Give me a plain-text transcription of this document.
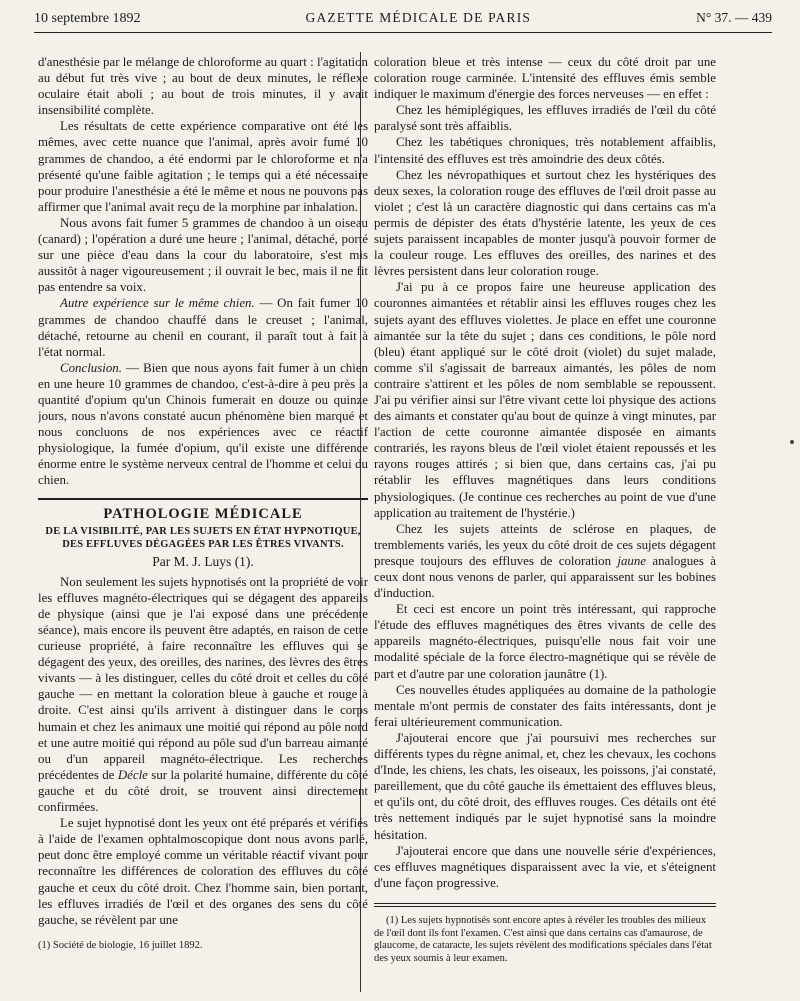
10 septembre 1892	GAZETTE MÉDICALE DE PARIS	N° 37. — 439

d'anesthésie par le mélange de chloroforme au quart : l'agitation au début fut très vive ; au bout de deux minutes, le réflexe oculaire était aboli ; au bout de trois minutes, il y avait insensibilité complète.

Les résultats de cette expérience comparative ont été les mêmes, avec cette nuance que l'animal, après avoir fumé 10 grammes de chandoo, a été endormi par le chloroforme et n'a présenté qu'une faible agitation ; le temps qui a été nécessaire pour produire l'anesthésie a été le même et nous ne pouvons pas affirmer que l'animal avait reçu de la morphine par inhalation.

Nous avons fait fumer 5 grammes de chandoo à un oiseau (canard) ; l'opération a duré une heure ; l'animal, détaché, porté sur une pièce d'eau dans la cour du laboratoire, s'est mis aussitôt à nager vigoureusement ; il ouvrait le bec, mais il ne fit pas entendre sa voix.

Autre expérience sur le même chien. — On fait fumer 10 grammes de chandoo chauffé dans le creuset ; l'animal, détaché, retourne au chenil en courant, il paraît tout à fait à l'état normal.

Conclusion. — Bien que nous ayons fait fumer à un chien en une heure 10 grammes de chandoo, c'est-à-dire à peu près la quantité d'opium qu'un Chinois fumerait en douze ou quinze jours, nous n'avons constaté aucun phénomène bien marqué et nous concluons de nos expériences avec ce réactif physiologique, la fumée d'opium, qu'il existe une différence énorme entre le système nerveux central de l'homme et celui du chien.

PATHOLOGIE MÉDICALE
DE LA VISIBILITÉ, PAR LES SUJETS EN ÉTAT HYPNOTIQUE, DES EFFLUVES DÉGAGÉES PAR LES ÊTRES VIVANTS.
Par M. J. Luys (1).

Non seulement les sujets hypnotisés ont la propriété de voir les effluves magnéto-électriques qui se dégagent des appareils de physique (ainsi que je l'ai exposé dans une précédente séance), mais encore ils peuvent être adaptés, en raison de cette curieuse propriété, à faire reconnaître les effluves qui se dégagent des yeux, des oreilles, des narines, des lèvres des êtres vivants — à les distinguer, celles du côté droit et celles du côté gauche — en mettant la coloration bleue à gauche et rouge à droite. C'est ainsi qu'ils arrivent à distinguer dans le corps humain et chez les animaux une moitié qui répond au pôle nord et une autre moitié qui répond au pôle sud d'un barreau aimanté ou d'un appareil magnéto-électrique. Les recherches précédentes de Décle sur la polarité humaine, différente du côté gauche et du côté droit, se trouvent ainsi directement confirmées.

Le sujet hypnotisé dont les yeux ont été préparés et vérifiés à l'aide de l'examen ophtalmoscopique dont nous avons parlé, peut donc être employé comme un véritable réactif vivant pour reconnaître les différences de coloration des effluves du côté gauche et ceux du côté droit. Chez l'homme sain, bien portant, les effluves irradiés de l'œil et des organes des sens du côté gauche, se révèlent par une

(1) Société de biologie, 16 juillet 1892.

coloration bleue et très intense — ceux du côté droit par une coloration rouge carminée. L'intensité des effluves émis semble indiquer le maximum d'énergie des forces nerveuses — en effet :

Chez les hémiplégiques, les effluves irradiés de l'œil du côté paralysé sont très affaiblis.

Chez les tabétiques chroniques, très notablement affaiblis, l'intensité des effluves est très amoindrie des deux côtés.

Chez les névropathiques et surtout chez les hystériques des deux sexes, la coloration rouge des effluves de l'œil droit passe au violet ; c'est là un caractère diagnostic qui dans certains cas m'a permis de dépister des états d'hystérie latente, les yeux de ces sujets paraissent incapables de monter jusqu'à pouvoir former de la couleur rouge. Les effluves des oreilles, des narines et des lèvres persistent dans leur coloration rouge.

J'ai pu à ce propos faire une heureuse application des couronnes aimantées et rétablir ainsi les effluves rouges chez les sujets ayant des effluves violettes. Je place en effet une couronne aimantée sur la tête du sujet ; dans ces conditions, le pôle nord (bleu) étant appliqué sur le côté droit (violet) du sujet malade, comme s'il s'agissait de barreaux aimantés, les pôles de nom contraire s'attirent et les pôles de nom semblable se repoussent. J'ai pu vérifier ainsi sur l'être vivant cette loi physique des actions des aimants et constater qu'au bout de quinze à vingt minutes, par l'action de cette couronne aimantée disposée en aimants contrariés, les rayons bleus de l'œil violet étaient repoussés et les rayons rouges attirés ; si bien que, dans certains cas, j'ai pu rétablir les effluves magnétiques dans leurs conditions physiologiques. (Je continue ces recherches au point de vue d'une application au traitement de l'hystérie.)

Chez les sujets atteints de sclérose en plaques, de tremblements variés, les yeux du côté droit de ces sujets dégagent presque toujours des effluves de coloration jaune analogues à ceux dont nous venons de parler, qui apparaissent sur les bobines d'induction.

Et ceci est encore un point très intéressant, qui rapproche l'étude des effluves magnétiques des êtres vivants de celle des appareils magnéto-électriques, puisqu'elle nous fait voir une modalité spéciale de la force électro-magnétique qui se révèle de part et d'autre par une coloration jaunâtre (1).

Ces nouvelles études appliquées au domaine de la pathologie mentale m'ont permis de constater des faits intéressants, dont je ferai ultérieurement communication.

J'ajouterai encore que j'ai poursuivi mes recherches sur différents types du règne animal, et, chez les chevaux, les cochons d'Inde, les chiens, les chats, les oiseaux, les poissons, j'ai constaté, pareillement, que du côté gauche ils émettaient des effluves bleus, et qu'ils ont, du côté droit, des effluves rouges. Ces détails ont été très nettement indiqués par le sujet hypnotisé sans la moindre hésitation.

J'ajouterai encore que dans une nouvelle série d'expériences, ces effluves magnétiques disparaissent avec la vie, et s'éteignent d'une façon progressive.

(1) Les sujets hypnotisés sont encore aptes à révéler les troubles des milieux de l'œil dont ils font l'examen. C'est ainsi que dans certains cas d'amaurose, de glaucome, de cataracte, les sujets révèlent des modifications spéciales dans l'état des yeux soumis à leur examen.
